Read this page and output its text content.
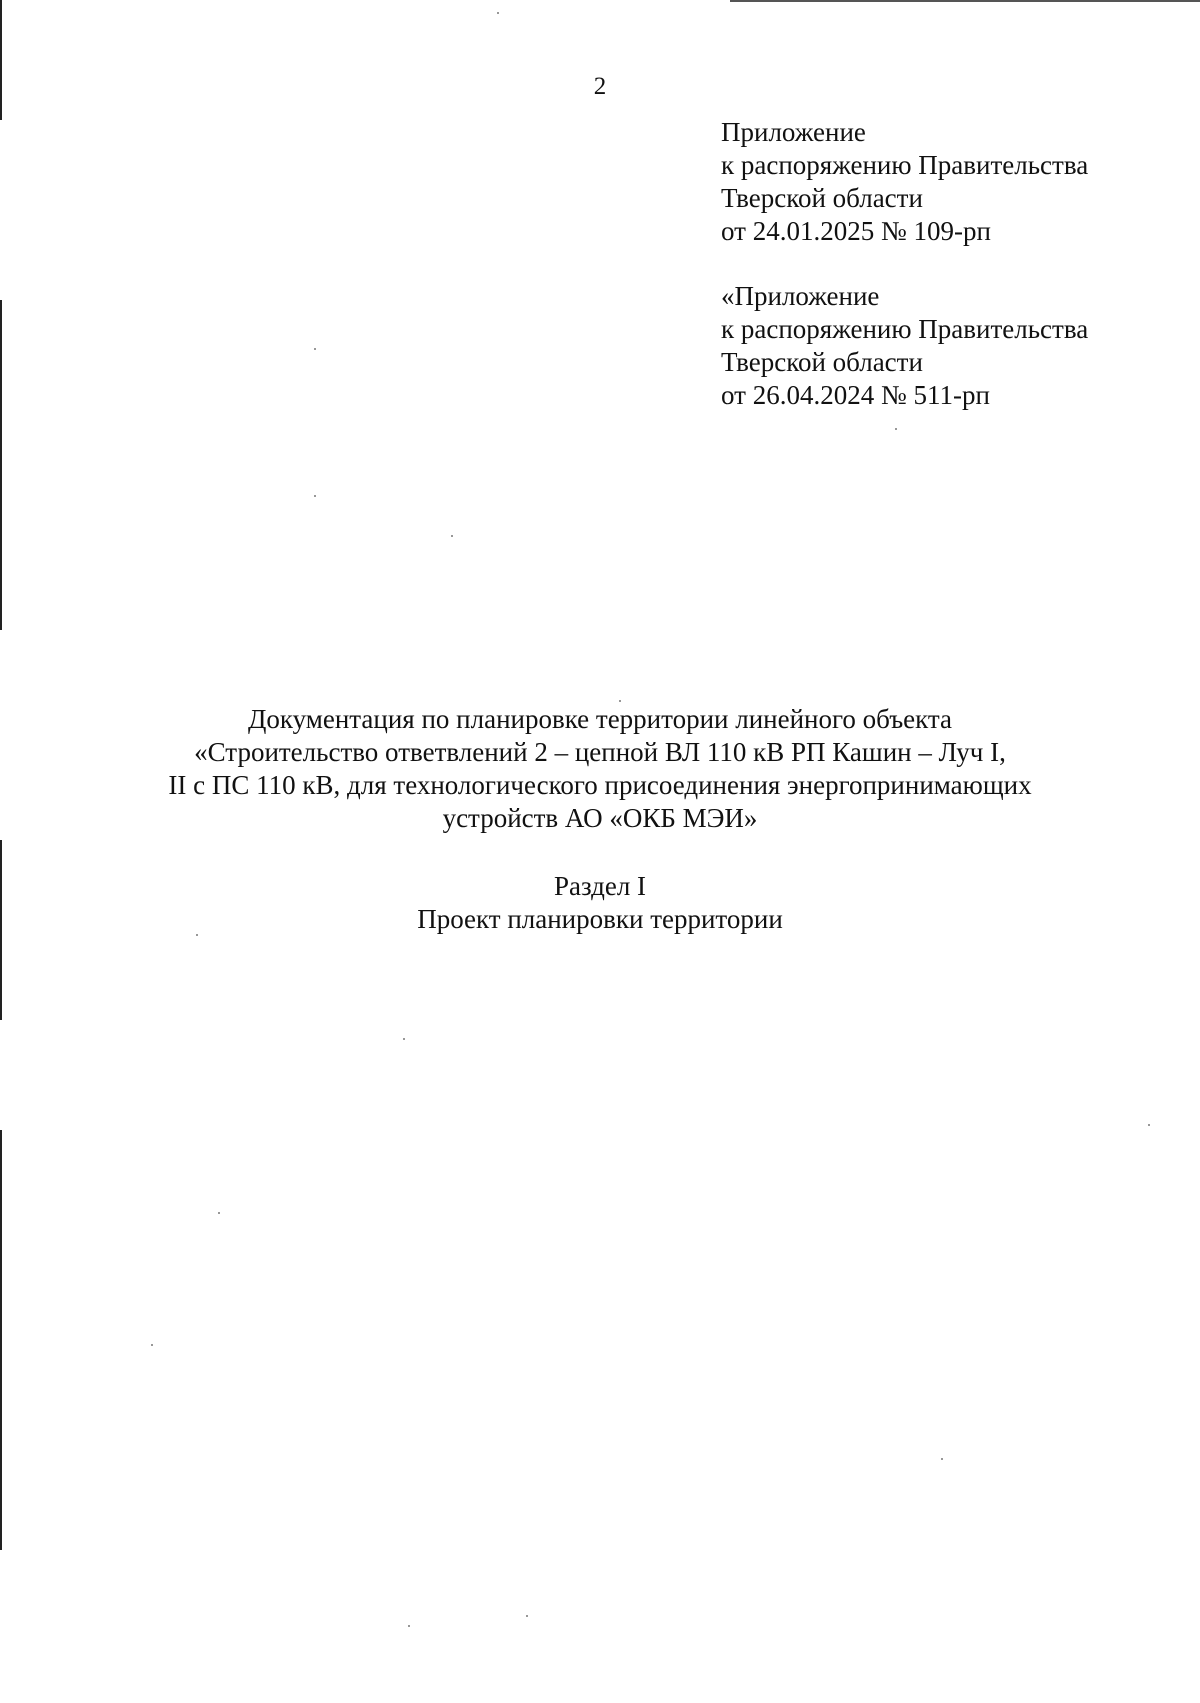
2
Приложение
к распоряжению Правительства
Тверской области
от 24.01.2025 № 109-рп
«Приложение
к распоряжению Правительства
Тверской области
от 26.04.2024 № 511-рп
Документация по планировке территории линейного объекта
«Строительство ответвлений 2 – цепной ВЛ 110 кВ РП Кашин – Луч I,
II с ПС 110 кВ, для технологического присоединения энергопринимающих
устройств АО «ОКБ МЭИ»
Раздел I
Проект планировки территории
